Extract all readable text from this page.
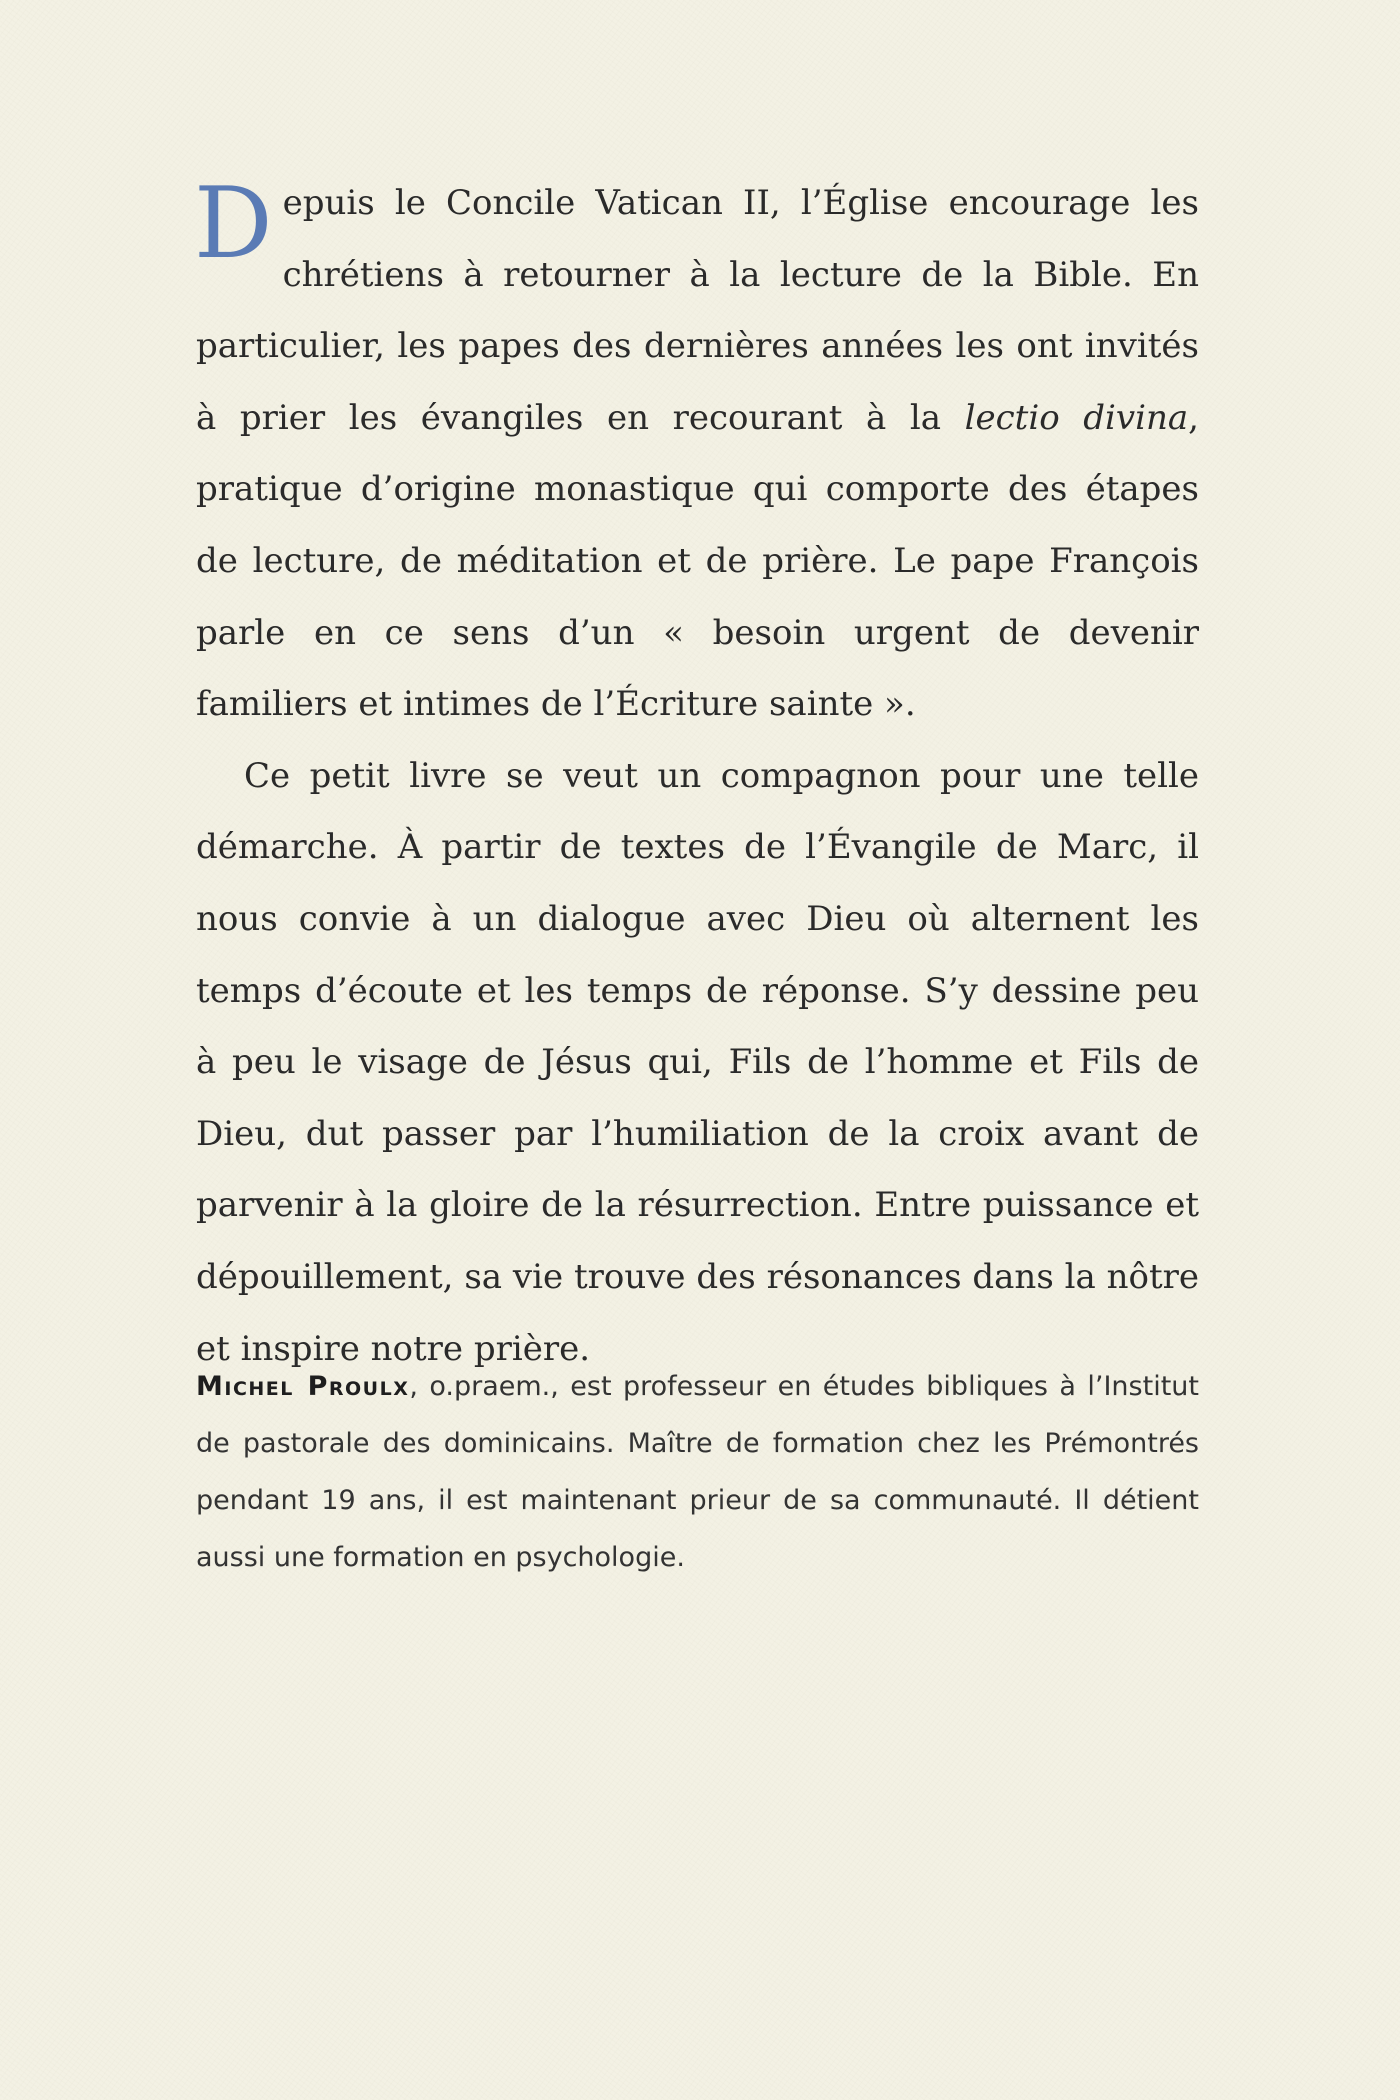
Depuis le Concile Vatican II, l’Église encourage les chrétiens à retourner à la lecture de la Bible. En particulier, les papes des dernières années les ont invités à prier les évangiles en recourant à la lectio divina, pratique d’origine monastique qui comporte des étapes de lecture, de méditation et de prière. Le pape François parle en ce sens d’un « besoin urgent de devenir familiers et intimes de l’Écriture sainte ».

Ce petit livre se veut un compagnon pour une telle démarche. À partir de textes de l’Évangile de Marc, il nous convie à un dialogue avec Dieu où alternent les temps d’écoute et les temps de réponse. S’y dessine peu à peu le visage de Jésus qui, Fils de l’homme et Fils de Dieu, dut passer par l’humiliation de la croix avant de parvenir à la gloire de la résurrection. Entre puissance et dépouillement, sa vie trouve des résonances dans la nôtre et inspire notre prière.

Michel Proulx, o.praem., est professeur en études bibliques à l’Institut de pastorale des dominicains. Maître de formation chez les Prémontrés pendant 19 ans, il est maintenant prieur de sa communauté. Il détient aussi une formation en psychologie.
